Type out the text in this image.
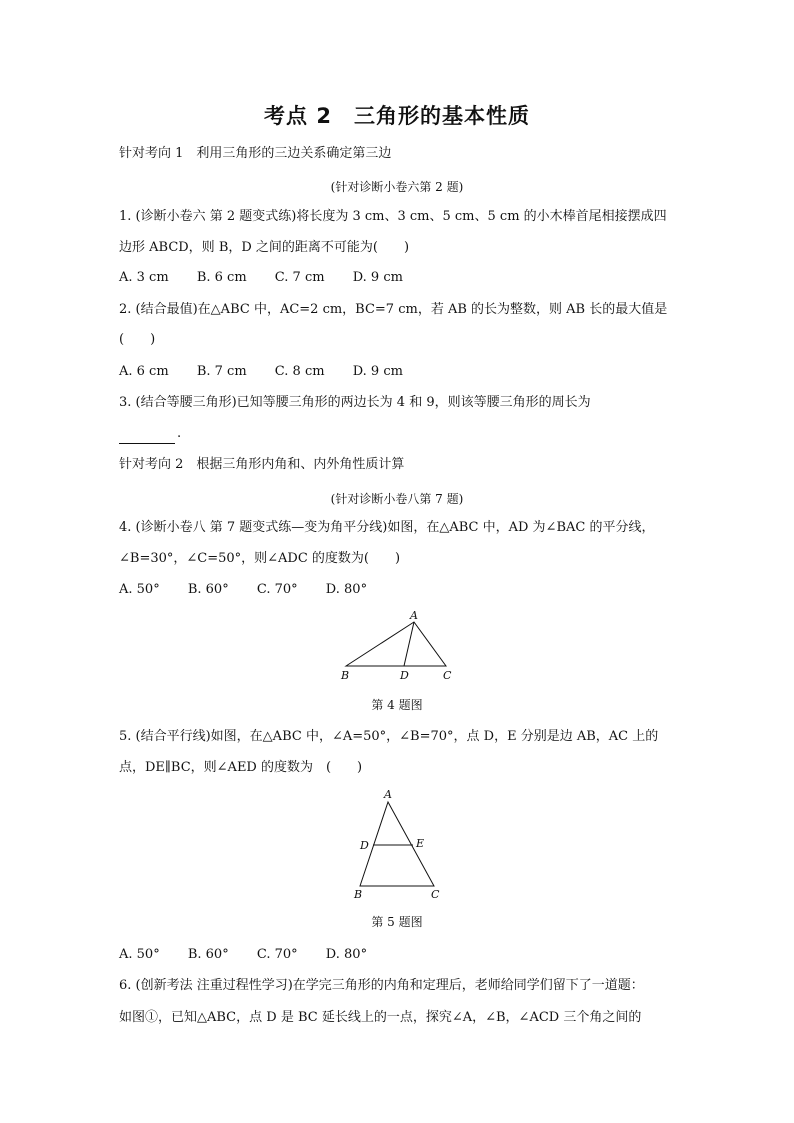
考点 2　三角形的基本性质
针对考向 1　利用三角形的三边关系确定第三边
(针对诊断小卷六第 2 题)
1. (诊断小卷六 第 2 题变式练)将长度为 3 cm、3 cm、5 cm、5 cm 的小木棒首尾相接摆成四
边形 ABCD，则 B，D 之间的距离不可能为(　　)
A. 3 cm B. 6 cm C. 7 cm D. 9 cm
2. (结合最值)在△ABC 中，AC=2 cm，BC=7 cm，若 AB 的长为整数，则 AB 长的最大值是
(　　)
A. 6 cm B. 7 cm C. 8 cm D. 9 cm
3. (结合等腰三角形)已知等腰三角形的两边长为 4 和 9，则该等腰三角形的周长为
.
针对考向 2　根据三角形内角和、内外角性质计算
(针对诊断小卷八第 7 题)
4. (诊断小卷八 第 7 题变式练—变为角平分线)如图，在△ABC 中，AD 为∠BAC 的平分线，
∠B=30°，∠C=50°，则∠ADC 的度数为(　　)
A. 50° B. 60° C. 70° D. 80°
A
B	D	C
第 4 题图
5. (结合平行线)如图，在△ABC 中，∠A=50°，∠B=70°，点 D，E 分别是边 AB，AC 上的
点，DE∥BC，则∠AED 的度数为　(　　)
A
D	E
B	C
第 5 题图
A. 50° B. 60° C. 70° D. 80°
6. (创新考法 注重过程性学习)在学完三角形的内角和定理后，老师给同学们留下了一道题：
如图①，已知△ABC，点 D 是 BC 延长线上的一点，探究∠A，∠B，∠ACD 三个角之间的
